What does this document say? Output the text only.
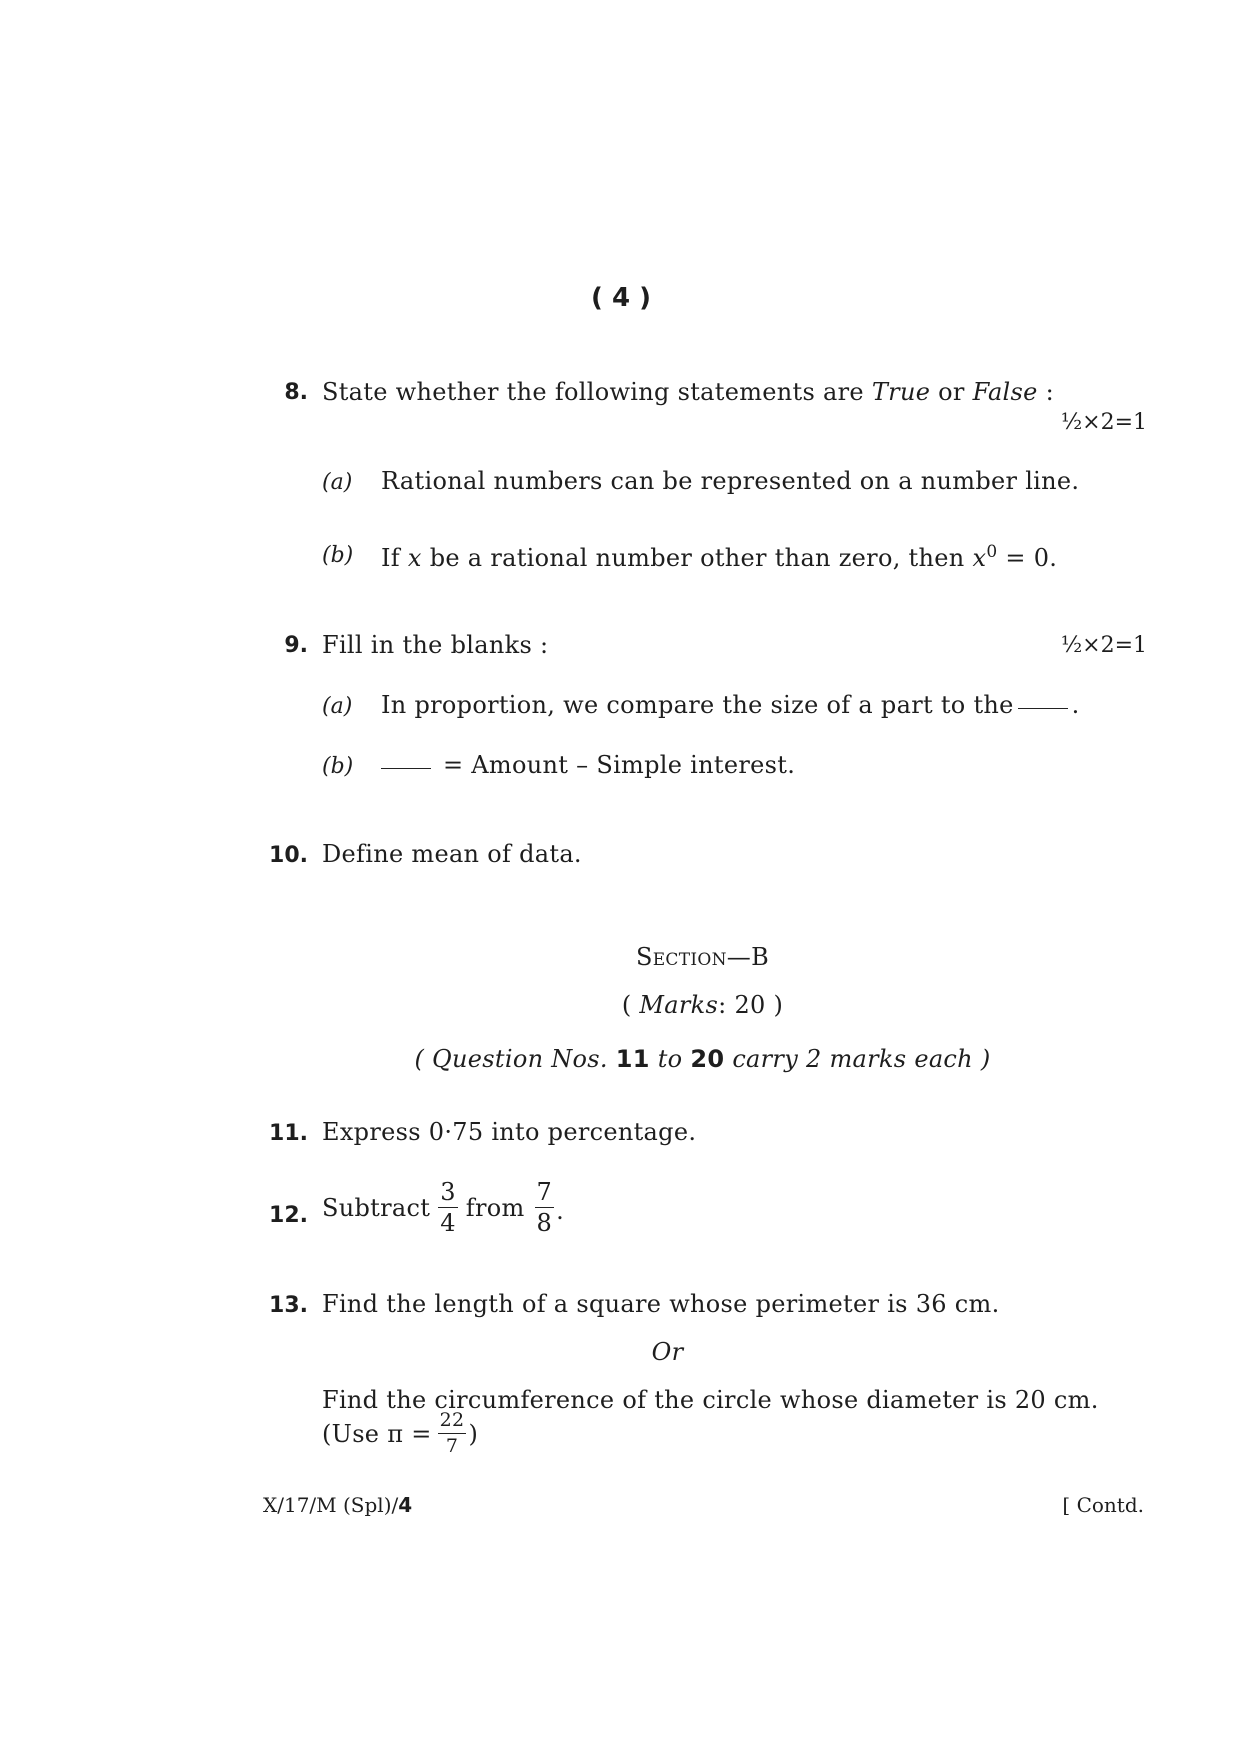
( 4 )
8. State whether the following statements are True or False :
½×2=1
(a) Rational numbers can be represented on a number line.
(b) If x be a rational number other than zero, then $x^0 = 0$.
9. Fill in the blanks :	½×2=1
(a) In proportion, we compare the size of a part to the .
(b)	= Amount – Simple interest.
10. Define mean of data.
Section—B
( Marks: 20 )
( Question Nos. 11 to 20 carry 2 marks each )
11. Express 0·75 into percentage.
12. Subtract $\frac{3}{4}$ from $\frac{7}{8}$ .
13. Find the length of a square whose perimeter is 36 cm.
Or
Find the circumference of the circle whose diameter is 20 cm.
(Use $\pi = \frac{22}{7}$ )
X/17/M (Spl)/4	[ Contd.
